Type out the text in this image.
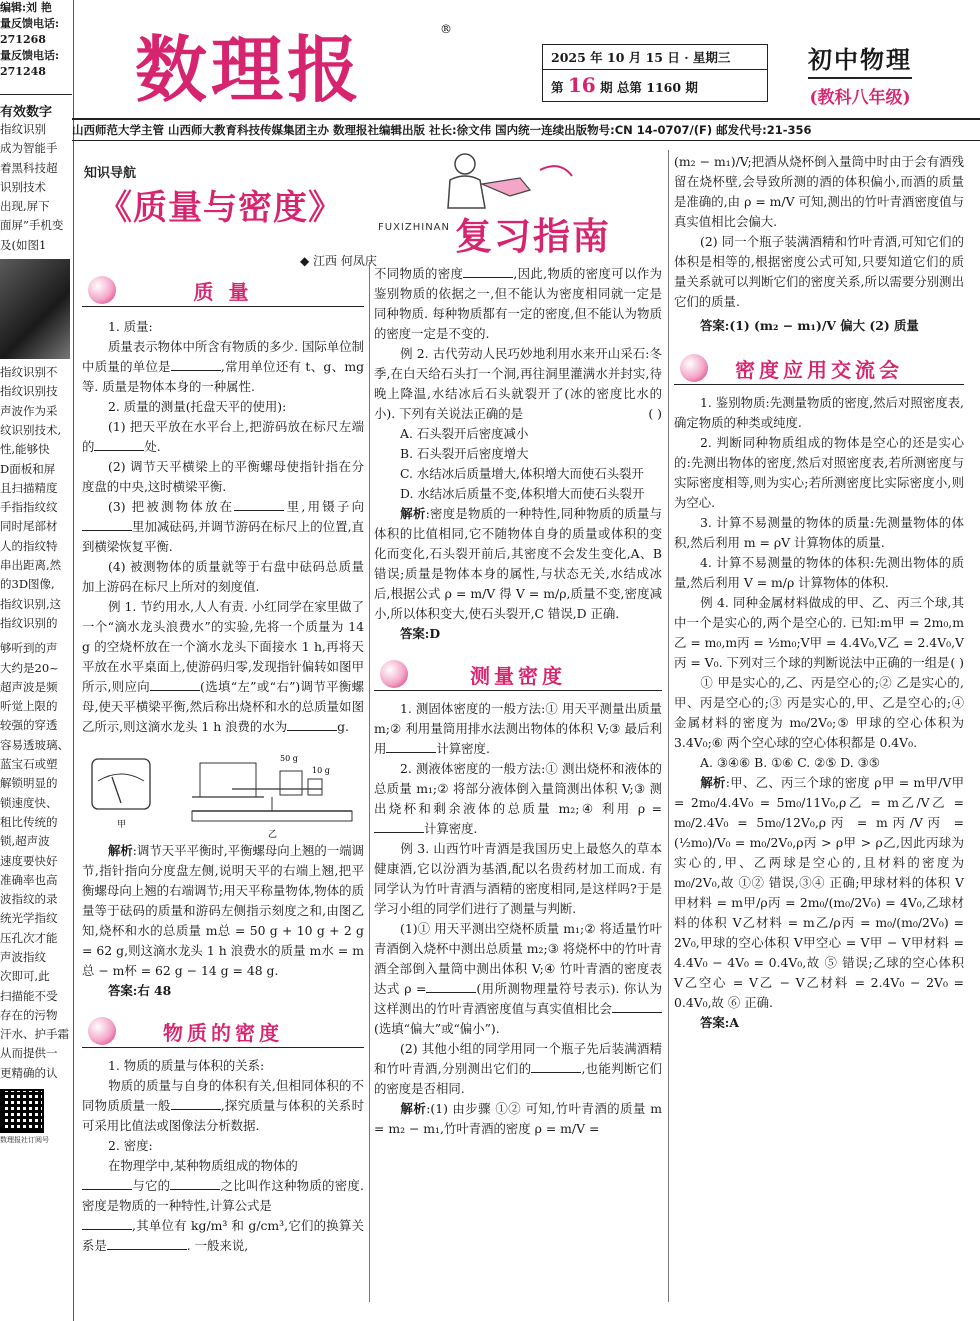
编辑:刘 艳
量反馈电话:
271268
量反馈电话:
271248
有效数字
指纹识别
成为智能手
着黑科技超
识别技术
出现,屏下
面屏”手机变
及(如图1
指纹识别不
指纹识别技
声波作为采
纹识别技术,
性,能够快
D面板和屏
且扫描精度
手指指纹纹
同时尾部材
人的指纹特
串出距离,然
的3D图像,
指纹识别,这
指纹识别的
够听到的声
大约是20~
超声波是频
听觉上限的
较强的穿透
容易透玻璃、
蓝宝石或塑
解锁明显的
锁速度快、
租比传统的
锁,超声波
速度要快好
准确率也高
波指纹的录
统光学指纹
压孔次才能
声波指纹
次即可,此
扫描能不受
存在的污物
汗水、护手霜
从而提供一
更精确的认
数理报社订阅号
数理报	®
2025 年 10 月 15 日 · 星期三
第 16 期 总第 1160 期
初中物理
(教科八年级)
山西师范大学主管 山西师大教育科技传媒集团主办 数理报社编辑出版 社长:徐文伟 国内统一连续出版物号:CN 14-0707/(F) 邮发代号:21-356
知识导航
《质量与密度》	FUXIZHINAN 复习指南
◆ 江西 何凤庆
质 量
1. 质量:
质量表示物体中所含有物质的多少. 国际单位制中质量的单位是	,常用单位还有 t、g、mg 等. 质量是物体本身的一种属性.
2. 质量的测量(托盘天平的使用):
(1) 把天平放在水平台上,把游码放在标尺左端的	处.
(2) 调节天平横梁上的平衡螺母使指针指在分度盘的中央,这时横梁平衡.
(3) 把被测物体放在	里,用镊子向里加减砝码,并调节游码在标尺上的位置,直到横梁恢复平衡.
(4) 被测物体的质量就等于右盘中砝码总质量加上游码在标尺上所对的刻度值.
例 1. 节约用水,人人有责. 小红同学在家里做了一个“滴水龙头浪费水”的实验,先将一个质量为 14 g 的空烧杯放在一个滴水龙头下面接水 1 h,再将天平放在水平桌面上,使游码归零,发现指针偏转如图甲所示,则应向	(选填“左”或“右”)调节平衡螺母,使天平横梁平衡,然后称出烧杯和水的总质量如图乙所示,则这滴水龙头 1 h 浪费的水为	g.
甲
50 g
10 g
乙
解析:调节天平平衡时,平衡螺母向上翘的一端调节,指针指向分度盘左侧,说明天平的右端上翘,把平衡螺母向上翘的右端调节;用天平称量物体,物体的质量等于砝码的质量和游码左侧指示刻度之和,由图乙知,烧杯和水的总质量 m总 = 50 g + 10 g + 2 g = 62 g,则这滴水龙头 1 h 浪费水的质量 m水 = m总 − m杯 = 62 g − 14 g = 48 g.
答案:右 48
物质的密度
1. 物质的质量与体积的关系:
物质的质量与自身的体积有关,但相同体积的不同物质质量一般	,探究质量与体积的关系时可采用比值法或图像法分析数据.
2. 密度:
在物理学中,某种物质组成的物体的
与它的	之比叫作这种物质的密度. 密度是物质的一种特性,计算公式是
,其单位有 kg/m³ 和 g/cm³,它们的换算关系是	. 一般来说,
不同物质的密度	,因此,物质的密度可以作为鉴别物质的依据之一,但不能认为密度相同就一定是同种物质. 每种物质都有一定的密度,但不能认为物质的密度一定是不变的.
例 2. 古代劳动人民巧妙地利用水来开山采石:冬季,在白天给石头打一个洞,再往洞里灌满水并封实,待晚上降温,水结冰后石头就裂开了(冰的密度比水的小). 下列有关说法正确的是	( )
A. 石头裂开后密度减小
B. 石头裂开后密度增大
C. 水结冰后质量增大,体积增大而使石头裂开
D. 水结冰后质量不变,体积增大而使石头裂开
解析:密度是物质的一种特性,同种物质的质量与体积的比值相同,它不随物体自身的质量或体积的变化而变化,石头裂开前后,其密度不会发生变化,A、B 错误;质量是物体本身的属性,与状态无关,水结成冰后,根据公式 ρ = m/V 得 V = m/ρ,质量不变,密度减小,所以体积变大,使石头裂开,C 错误,D 正确.
答案:D
测量密度
1. 测固体密度的一般方法:① 用天平测量出质量 m;② 利用量筒用排水法测出物体的体积 V;③ 最后利用	计算密度.
2. 测液体密度的一般方法:① 测出烧杯和液体的总质量 m₁;② 将部分液体倒入量筒测出体积 V;③ 测出烧杯和剩余液体的总质量 m₂;④ 利用 ρ =计算密度.
例 3. 山西竹叶青酒是我国历史上最悠久的草本健康酒,它以汾酒为基酒,配以名贵药材加工而成. 有同学认为竹叶青酒与酒精的密度相同,是这样吗?于是学习小组的同学们进行了测量与判断.
(1)① 用天平测出空烧杯质量 m₁;② 将适量竹叶青酒倒入烧杯中测出总质量 m₂;③ 将烧杯中的竹叶青酒全部倒入量筒中测出体积 V;④ 竹叶青酒的密度表达式 ρ =	(用所测物理量符号表示). 你认为这样测出的竹叶青酒密度值与真实值相比会(选填“偏大”或“偏小”).
(2) 其他小组的同学用同一个瓶子先后装满酒精和竹叶青酒,分别测出它们的	,也能判断它们的密度是否相同.
解析:(1) 由步骤 ①② 可知,竹叶青酒的质量 m = m₂ − m₁,竹叶青酒的密度 ρ = m/V =
(m₂ − m₁)/V;把酒从烧杯倒入量筒中时由于会有酒残留在烧杯壁,会导致所测的酒的体积偏小,而酒的质量是准确的,由 ρ = m/V 可知,测出的竹叶青酒密度值与真实值相比会偏大.
(2) 同一个瓶子装满酒精和竹叶青酒,可知它们的体积是相等的,根据密度公式可知,只要知道它们的质量关系就可以判断它们的密度关系,所以需要分别测出它们的质量.
答案:(1) (m₂ − m₁)/V 偏大 (2) 质量
密度应用交流会
1. 鉴别物质:先测量物质的密度,然后对照密度表,确定物质的种类或纯度.
2. 判断同种物质组成的物体是空心的还是实心的:先测出物体的密度,然后对照密度表,若所测密度与实际密度相等,则为实心;若所测密度比实际密度小,则为空心.
3. 计算不易测量的物体的质量:先测量物体的体积,然后利用 m = ρV 计算物体的质量.
4. 计算不易测量的物体的体积:先测出物体的质量,然后利用 V = m/ρ 计算物体的体积.
例 4. 同种金属材料做成的甲、乙、丙三个球,其中一个是实心的,两个是空心的. 已知:m甲 = 2m₀,m乙 = m₀,m丙 = ½m₀;V甲 = 4.4V₀,V乙 = 2.4V₀,V丙 = V₀. 下列对三个球的判断说法中正确的一组是 ( )
① 甲是实心的,乙、丙是空心的;② 乙是实心的,甲、丙是空心的;③ 丙是实心的,甲、乙是空心的;④ 金属材料的密度为 m₀/2V₀;⑤ 甲球的空心体积为 3.4V₀;⑥ 两个空心球的空心体积都是 0.4V₀.
A. ③④⑥ B. ①⑥ C. ②⑤ D. ③⑤
解析:甲、乙、丙三个球的密度 ρ甲 = m甲/V甲 = 2m₀/4.4V₀ = 5m₀/11V₀,ρ乙 = m乙/V乙 = m₀/2.4V₀ = 5m₀/12V₀,ρ丙 = m丙/V丙 = (½m₀)/V₀ = m₀/2V₀,ρ丙 > ρ甲 > ρ乙,因此丙球为实心的,甲、乙两球是空心的,且材料的密度为 m₀/2V₀,故 ①② 错误,③④ 正确;甲球材料的体积 V甲材料 = m甲/ρ丙 = 2m₀/(m₀/2V₀) = 4V₀,乙球材料的体积 V乙材料 = m乙/ρ丙 = m₀/(m₀/2V₀) = 2V₀,甲球的空心体积 V甲空心 = V甲 − V甲材料 = 4.4V₀ − 4V₀ = 0.4V₀,故 ⑤ 错误;乙球的空心体积 V乙空心 = V乙 − V乙材料 = 2.4V₀ − 2V₀ = 0.4V₀,故 ⑥ 正确.
答案:A
